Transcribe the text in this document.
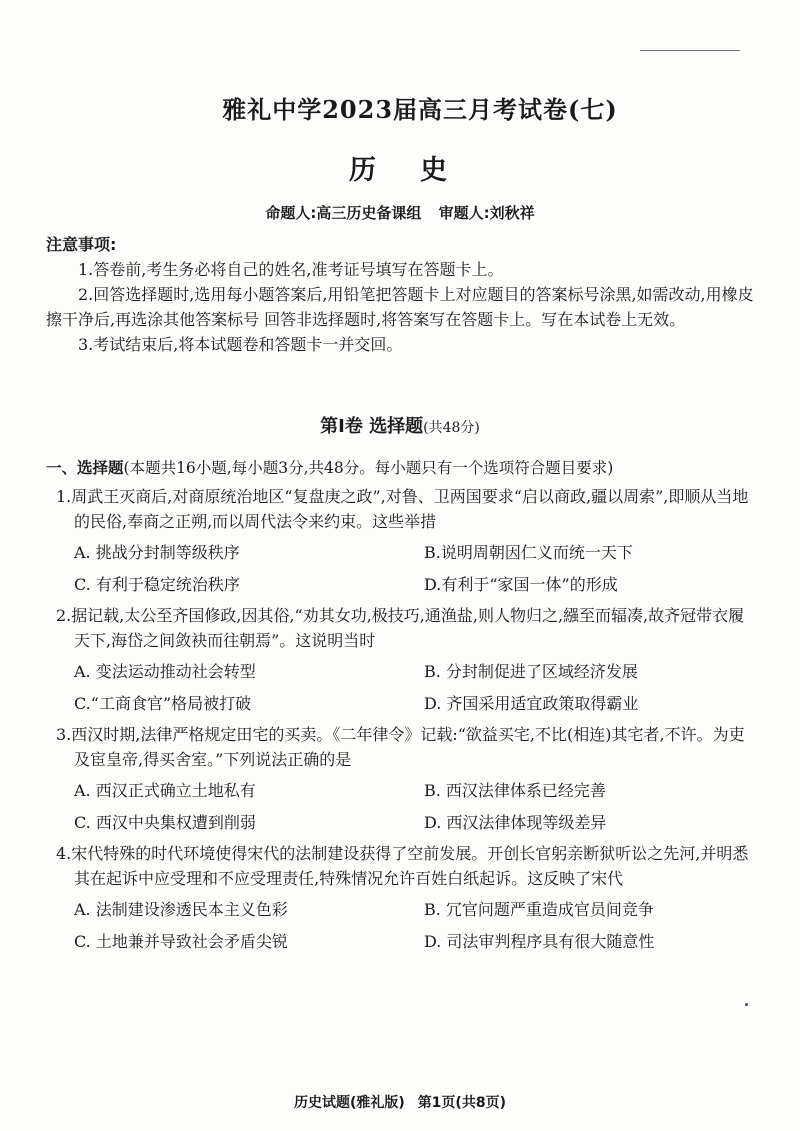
雅礼中学2023届高三月考试卷(七)
历史
命题人:高三历史备课组 审题人:刘秋祥
注意事项:

1.答卷前,考生务必将自己的姓名,准考证号填写在答题卡上。

2.回答选择题时,选用每小题答案后,用铅笔把答题卡上对应题目的答案标号涂黑,如需改动,用橡皮擦干净后,再选涂其他答案标号 回答非选择题时,将答案写在答题卡上。写在本试卷上无效。

3.考试结束后,将本试题卷和答题卡一并交回。

第Ⅰ卷 选择题(共48分)
一、选择题(本题共16小题,每小题3分,共48分。每小题只有一个选项符合题目要求)
1.周武王灭商后,对商原统治地区“复盘庚之政”,对鲁、卫两国要求“启以商政,疆以周索”,即顺从当地的民俗,奉商之正朔,而以周代法令来约束。这些举措
A. 挑战分封制等级秩序	B.说明周朝因仁义而统一天下
C. 有利于稳定统治秩序	D.有利于“家国一体”的形成
2.据记载,太公至齐国修政,因其俗,“劝其女功,极技巧,通渔盐,则人物归之,繦至而辐凑,故齐冠带衣履天下,海岱之间敛袂而往朝焉”。这说明当时
A. 变法运动推动社会转型	B. 分封制促进了区域经济发展
C.“工商食官”格局被打破	D. 齐国采用适宜政策取得霸业
3.西汉时期,法律严格规定田宅的买卖。《二年律令》记载:“欲益买宅,不比(相连)其宅者,不许。为吏及宦皇帝,得买舍室。”下列说法正确的是
A. 西汉正式确立土地私有	B. 西汉法律体系已经完善
C. 西汉中央集权遭到削弱	D. 西汉法律体现等级差异
4.宋代特殊的时代环境使得宋代的法制建设获得了空前发展。开创长官躬亲断狱听讼之先河,并明悉其在起诉中应受理和不应受理责任,特殊情况允许百姓白纸起诉。这反映了宋代
A. 法制建设渗透民本主义色彩	B. 冗官问题严重造成官员间竞争
C. 土地兼并导致社会矛盾尖锐	D. 司法审判程序具有很大随意性
历史试题(雅礼版) 第1页(共8页)
